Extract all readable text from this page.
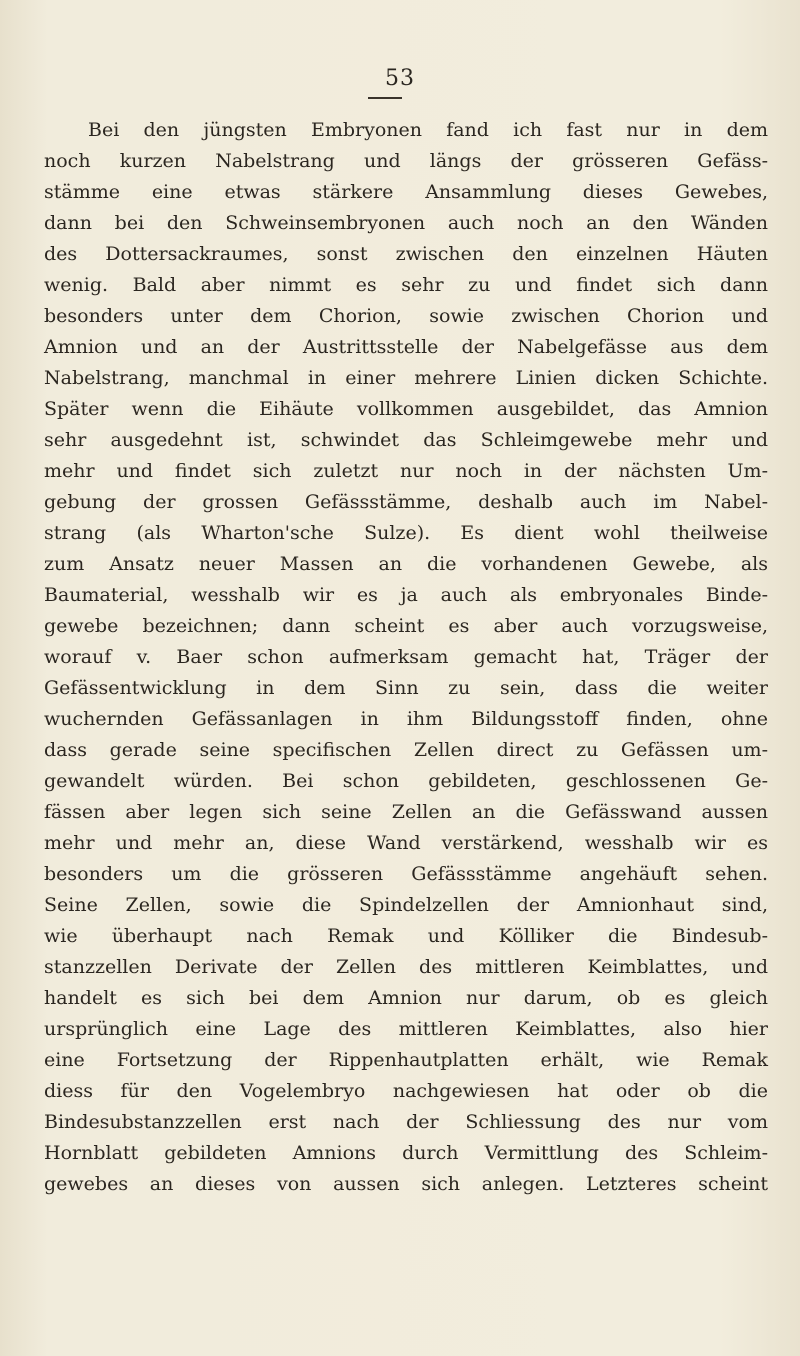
53
Bei den jüngsten Embryonen fand ich fast nur in dem
noch kurzen Nabelstrang und längs der grösseren Gefäss-
stämme eine etwas stärkere Ansammlung dieses Gewebes,
dann bei den Schweinsembryonen auch noch an den Wänden
des Dottersackraumes, sonst zwischen den einzelnen Häuten
wenig. Bald aber nimmt es sehr zu und findet sich dann
besonders unter dem Chorion, sowie zwischen Chorion und
Amnion und an der Austrittsstelle der Nabelgefässe aus dem
Nabelstrang, manchmal in einer mehrere Linien dicken Schichte.
Später wenn die Eihäute vollkommen ausgebildet, das Amnion
sehr ausgedehnt ist, schwindet das Schleimgewebe mehr und
mehr und findet sich zuletzt nur noch in der nächsten Um-
gebung der grossen Gefässstämme, deshalb auch im Nabel-
strang (als Wharton'sche Sulze). Es dient wohl theilweise
zum Ansatz neuer Massen an die vorhandenen Gewebe, als
Baumaterial, wesshalb wir es ja auch als embryonales Binde-
gewebe bezeichnen; dann scheint es aber auch vorzugsweise,
worauf v. Baer schon aufmerksam gemacht hat, Träger der
Gefässentwicklung in dem Sinn zu sein, dass die weiter
wuchernden Gefässanlagen in ihm Bildungsstoff finden, ohne
dass gerade seine specifischen Zellen direct zu Gefässen um-
gewandelt würden. Bei schon gebildeten, geschlossenen Ge-
fässen aber legen sich seine Zellen an die Gefässwand aussen
mehr und mehr an, diese Wand verstärkend, wesshalb wir es
besonders um die grösseren Gefässstämme angehäuft sehen.
Seine Zellen, sowie die Spindelzellen der Amnionhaut sind,
wie überhaupt nach Remak und Kölliker die Bindesub-
stanzzellen Derivate der Zellen des mittleren Keimblattes, und
handelt es sich bei dem Amnion nur darum, ob es gleich
ursprünglich eine Lage des mittleren Keimblattes, also hier
eine Fortsetzung der Rippenhautplatten erhält, wie Remak
diess für den Vogelembryo nachgewiesen hat oder ob die
Bindesubstanzzellen erst nach der Schliessung des nur vom
Hornblatt gebildeten Amnions durch Vermittlung des Schleim-
gewebes an dieses von aussen sich anlegen. Letzteres scheint
